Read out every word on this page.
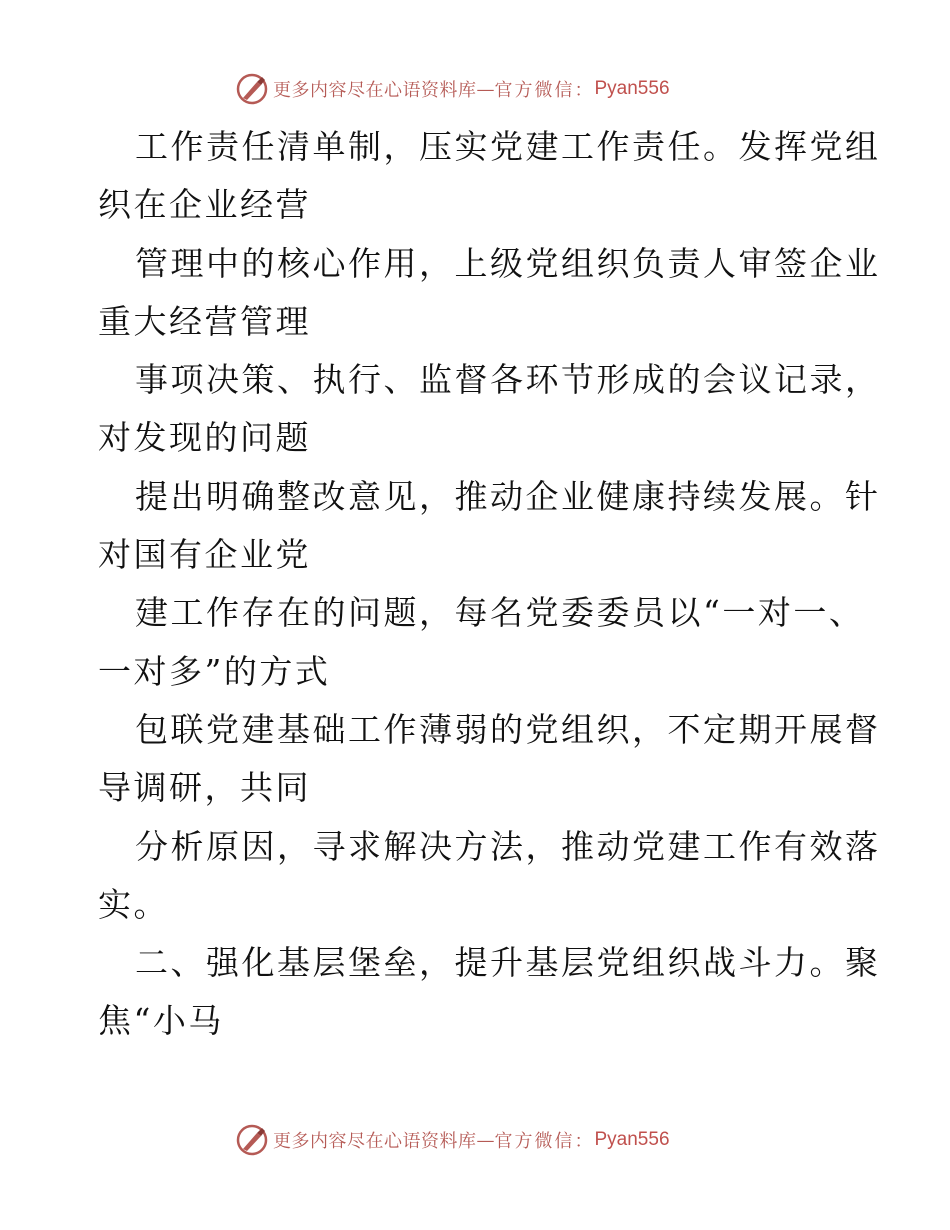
更多内容尽在心语资料库 — 官方微信： Pyan556
工作责任清单制，压实党建工作责任。发挥党组
织在企业经营
管理中的核心作用，上级党组织负责人审签企业
重大经营管理
事项决策、执行、监督各环节形成的会议记录，
对发现的问题
提出明确整改意见，推动企业健康持续发展。针
对国有企业党
建工作存在的问题，每名党委委员以“一对一、
一对多”的方式
包联党建基础工作薄弱的党组织，不定期开展督
导调研，共同
分析原因，寻求解决方法，推动党建工作有效落
实。
二、强化基层堡垒，提升基层党组织战斗力。聚
焦“小马
更多内容尽在心语资料库 — 官方微信： Pyan556
